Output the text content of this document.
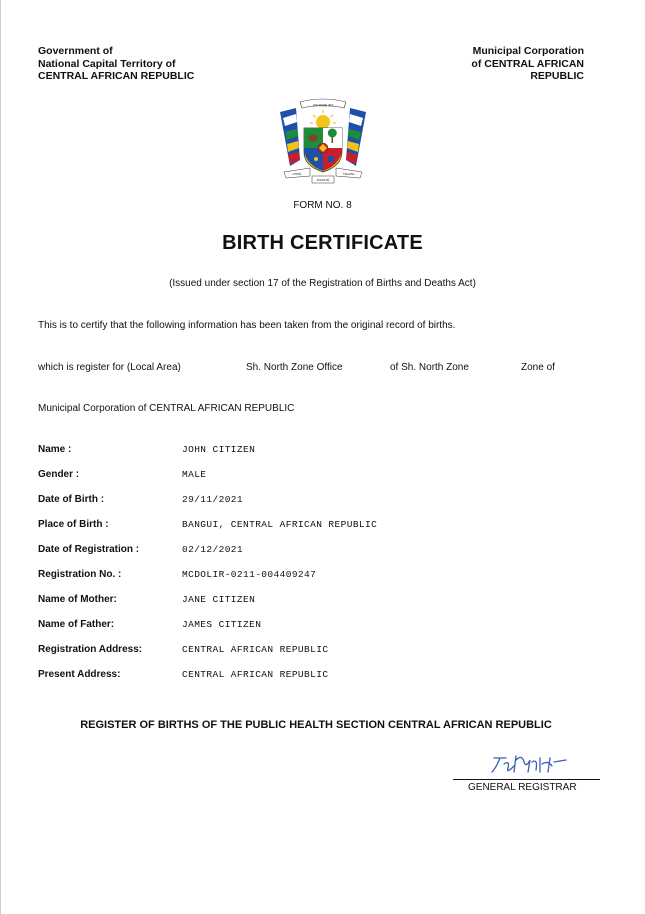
Government of
National Capital Territory of
CENTRAL AFRICAN REPUBLIC
Municipal Corporation
of CENTRAL AFRICAN
REPUBLIC
ZO KWE ZO
UNITÉ	TRAVAIL
DIGNITÉ
FORM NO. 8
BIRTH CERTIFICATE
(Issued under section 17 of the Registration of Births and Deaths Act)
This is to certify that the following information has been taken from the original record of births.
which is register for (Local Area)	Sh. North Zone Office	of Sh. North Zone	Zone of
Municipal Corporation of CENTRAL AFRICAN REPUBLIC
Name :	JOHN CITIZEN
Gender :	MALE
Date of Birth :	29/11/2021
Place of Birth :	BANGUI, CENTRAL AFRICAN REPUBLIC
Date of Registration :	02/12/2021
Registration No. :	MCDOLIR-0211-004409247
Name of Mother:	JANE CITIZEN
Name of Father:	JAMES CITIZEN
Registration Address:	CENTRAL AFRICAN REPUBLIC
Present Address:	CENTRAL AFRICAN REPUBLIC
REGISTER OF BIRTHS OF THE PUBLIC HEALTH SECTION CENTRAL AFRICAN REPUBLIC
GENERAL REGISTRAR
